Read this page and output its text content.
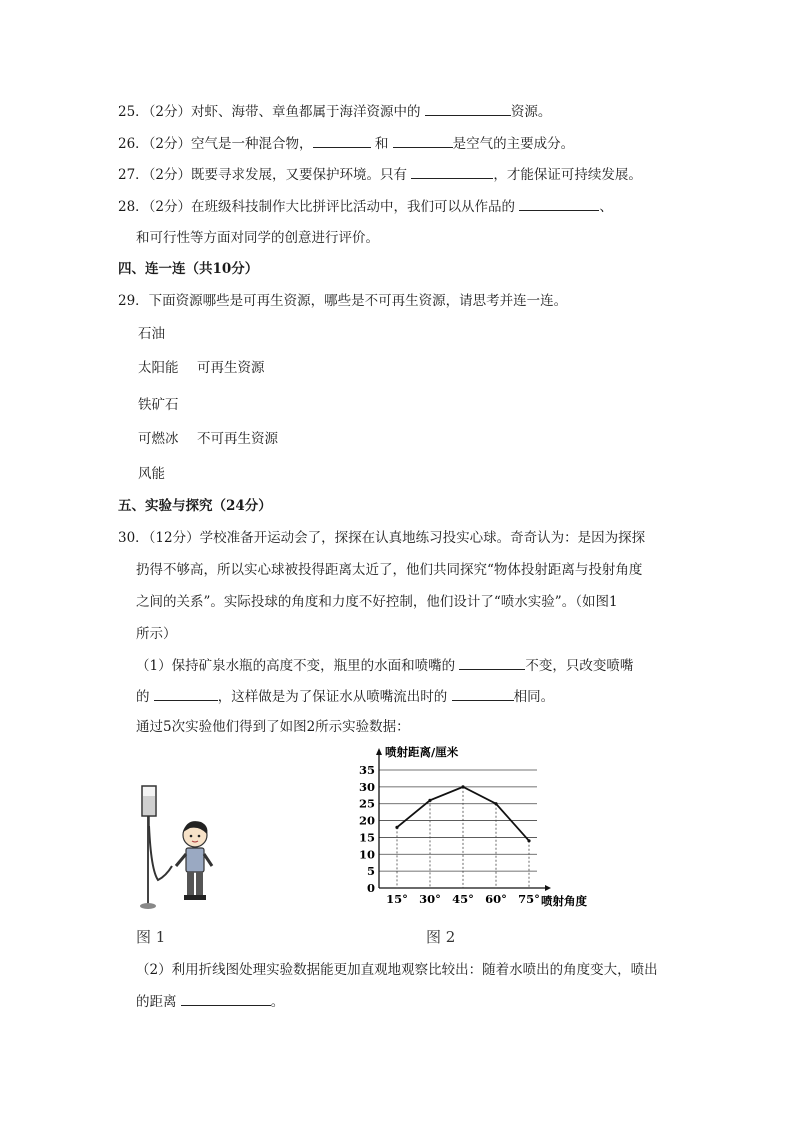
25．（2分）对虾、海带、章鱼都属于海洋资源中的	资源。
26．（2分）空气是一种混合物，	和	是空气的主要成分。
27．（2分）既要寻求发展，又要保护环境。只有	，才能保证可持续发展。
28．（2分）在班级科技制作大比拼评比活动中，我们可以从作品的	、
和可行性等方面对同学的创意进行评价。
四、连一连（共10分）
29．下面资源哪些是可再生资源，哪些是不可再生资源，请思考并连一连。
石油
太阳能 可再生资源
铁矿石
可燃冰 不可再生资源
风能
五、实验与探究（24分）
30．（12分）学校准备开运动会了，探探在认真地练习投实心球。奇奇认为：是因为探探
扔得不够高，所以实心球被投得距离太近了，他们共同探究“物体投射距离与投射角度
之间的关系”。实际投球的角度和力度不好控制，他们设计了“喷水实验”。（如图1
所示）
（1）保持矿泉水瓶的高度不变，瓶里的水面和喷嘴的	不变，只改变喷嘴
的	，这样做是为了保证水从喷嘴流出时的	相同。
通过5次实验他们得到了如图2所示实验数据：
图 1
0
5
10
15
20
25
30
35
15° 30° 45° 60° 75°
喷射距离/厘米
喷射角度
图 2
（2）利用折线图处理实验数据能更加直观地观察比较出：随着水喷出的角度变大，喷出
的距离	。
